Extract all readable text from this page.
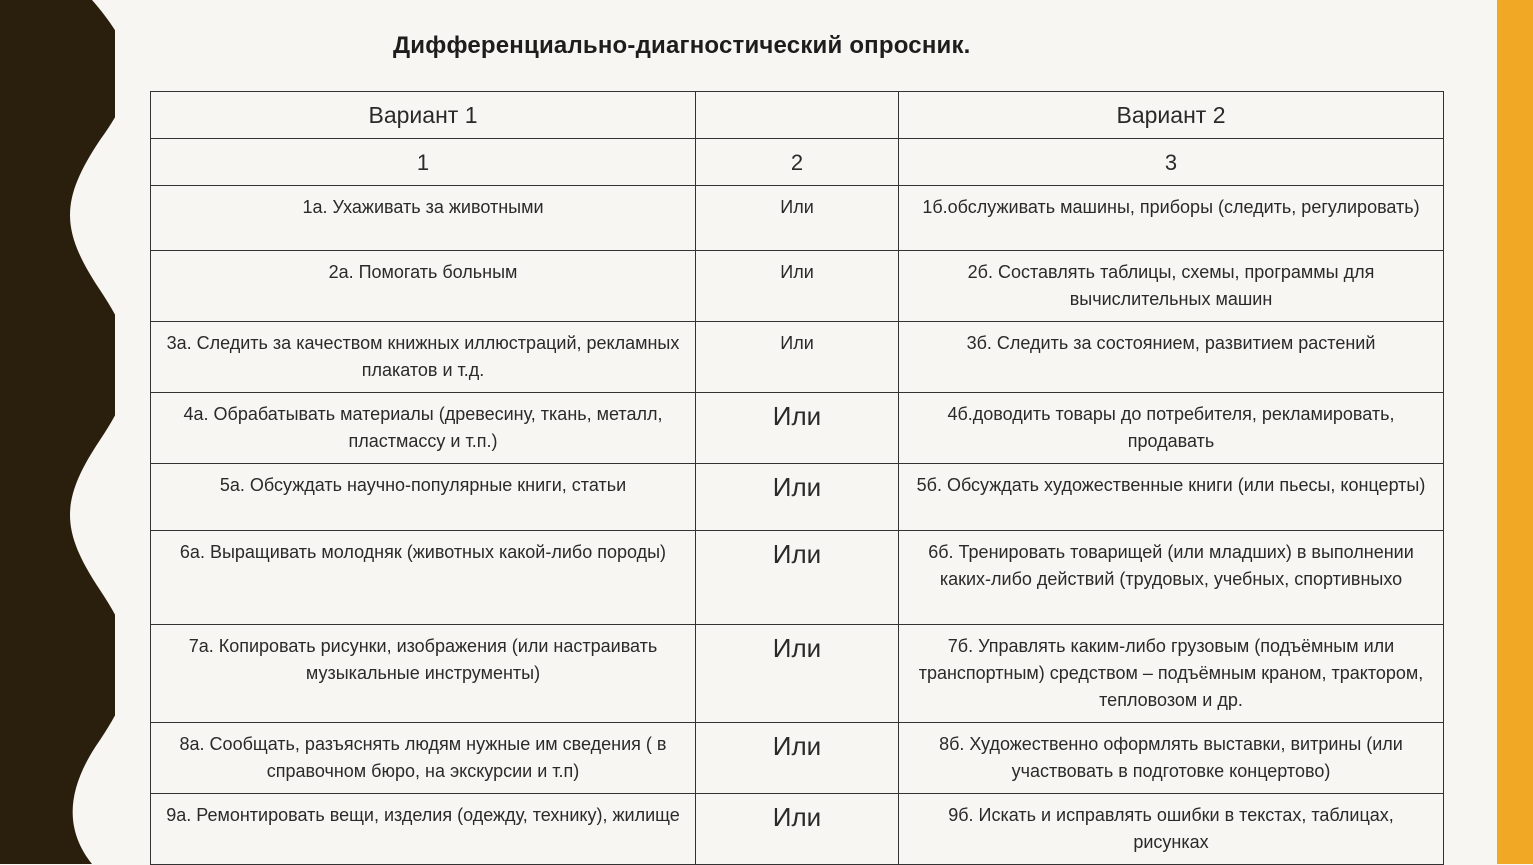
Дифференциально-диагностический опросник.
Вариант 1		Вариант 2
1	2	3
1а. Ухаживать за животными	Или	1б.обслуживать машины, приборы (следить, регулировать)
2а. Помогать больным	Или	2б. Составлять таблицы, схемы, программы для вычислительных машин
3а. Следить за качеством книжных иллюстраций, рекламных плакатов и т.д.	Или	3б. Следить за состоянием, развитием растений
4а. Обрабатывать материалы (древесину, ткань, металл, пластмассу и т.п.)	Или	4б.доводить товары до потребителя, рекламировать, продавать
5а. Обсуждать научно-популярные книги, статьи	Или	5б. Обсуждать художественные книги (или пьесы, концерты)
6а. Выращивать молодняк (животных какой-либо породы)	Или	6б. Тренировать товарищей (или младших) в выполнении каких-либо действий (трудовых, учебных, спортивныхо
7а. Копировать рисунки, изображения (или настраивать музыкальные инструменты)	Или	7б. Управлять каким-либо грузовым (подъёмным или транспортным) средством – подъёмным краном, трактором, тепловозом и др.
8а. Сообщать, разъяснять людям нужные им сведения ( в справочном бюро, на экскурсии и т.п)	Или	8б. Художественно оформлять выставки, витрины (или участвовать в подготовке концертово)
9а. Ремонтировать вещи, изделия (одежду, технику), жилище	Или	9б. Искать и исправлять ошибки в текстах, таблицах, рисунках
